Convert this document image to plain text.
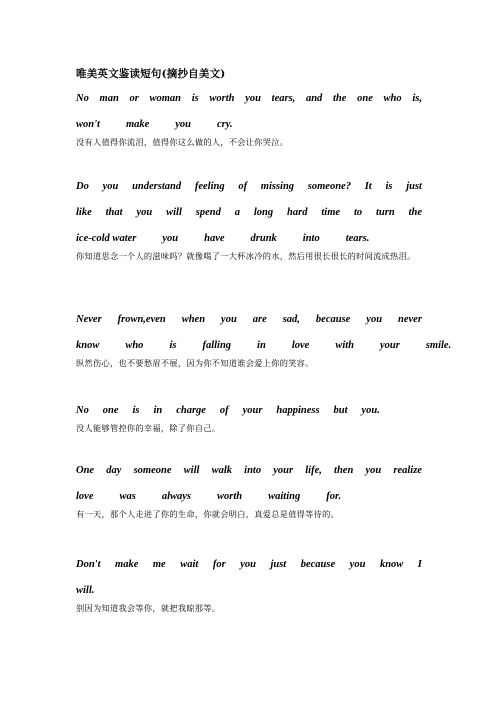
唯美英文鉴读短句(摘抄自美文)
No man or woman is worth you tears, and the one who is,
won't make you cry.
没有人值得你流泪，值得你这么做的人，不会让你哭泣。
Do you understand feeling of missing someone? It is just
like that you will spend a long hard time to turn the
ice-cold water you have drunk into tears.
你知道思念一个人的滋味吗？就像喝了一大杯冰冷的水，然后用很长很长的时间流成热泪。
Never frown,even when you are sad, because you never
know who is falling in love with your smile.
纵然伤心，也不要愁眉不展，因为你不知道谁会爱上你的笑容。
No one is in charge of your happiness but you.
没人能够管控你的幸福，除了你自己。
One day someone will walk into your life, then you realize
love was always worth waiting for.
有一天，那个人走进了你的生命，你就会明白，真爱总是值得等待的。
Don't make me wait for you just because you know I
will.
别因为知道我会等你，就把我晾那等。
